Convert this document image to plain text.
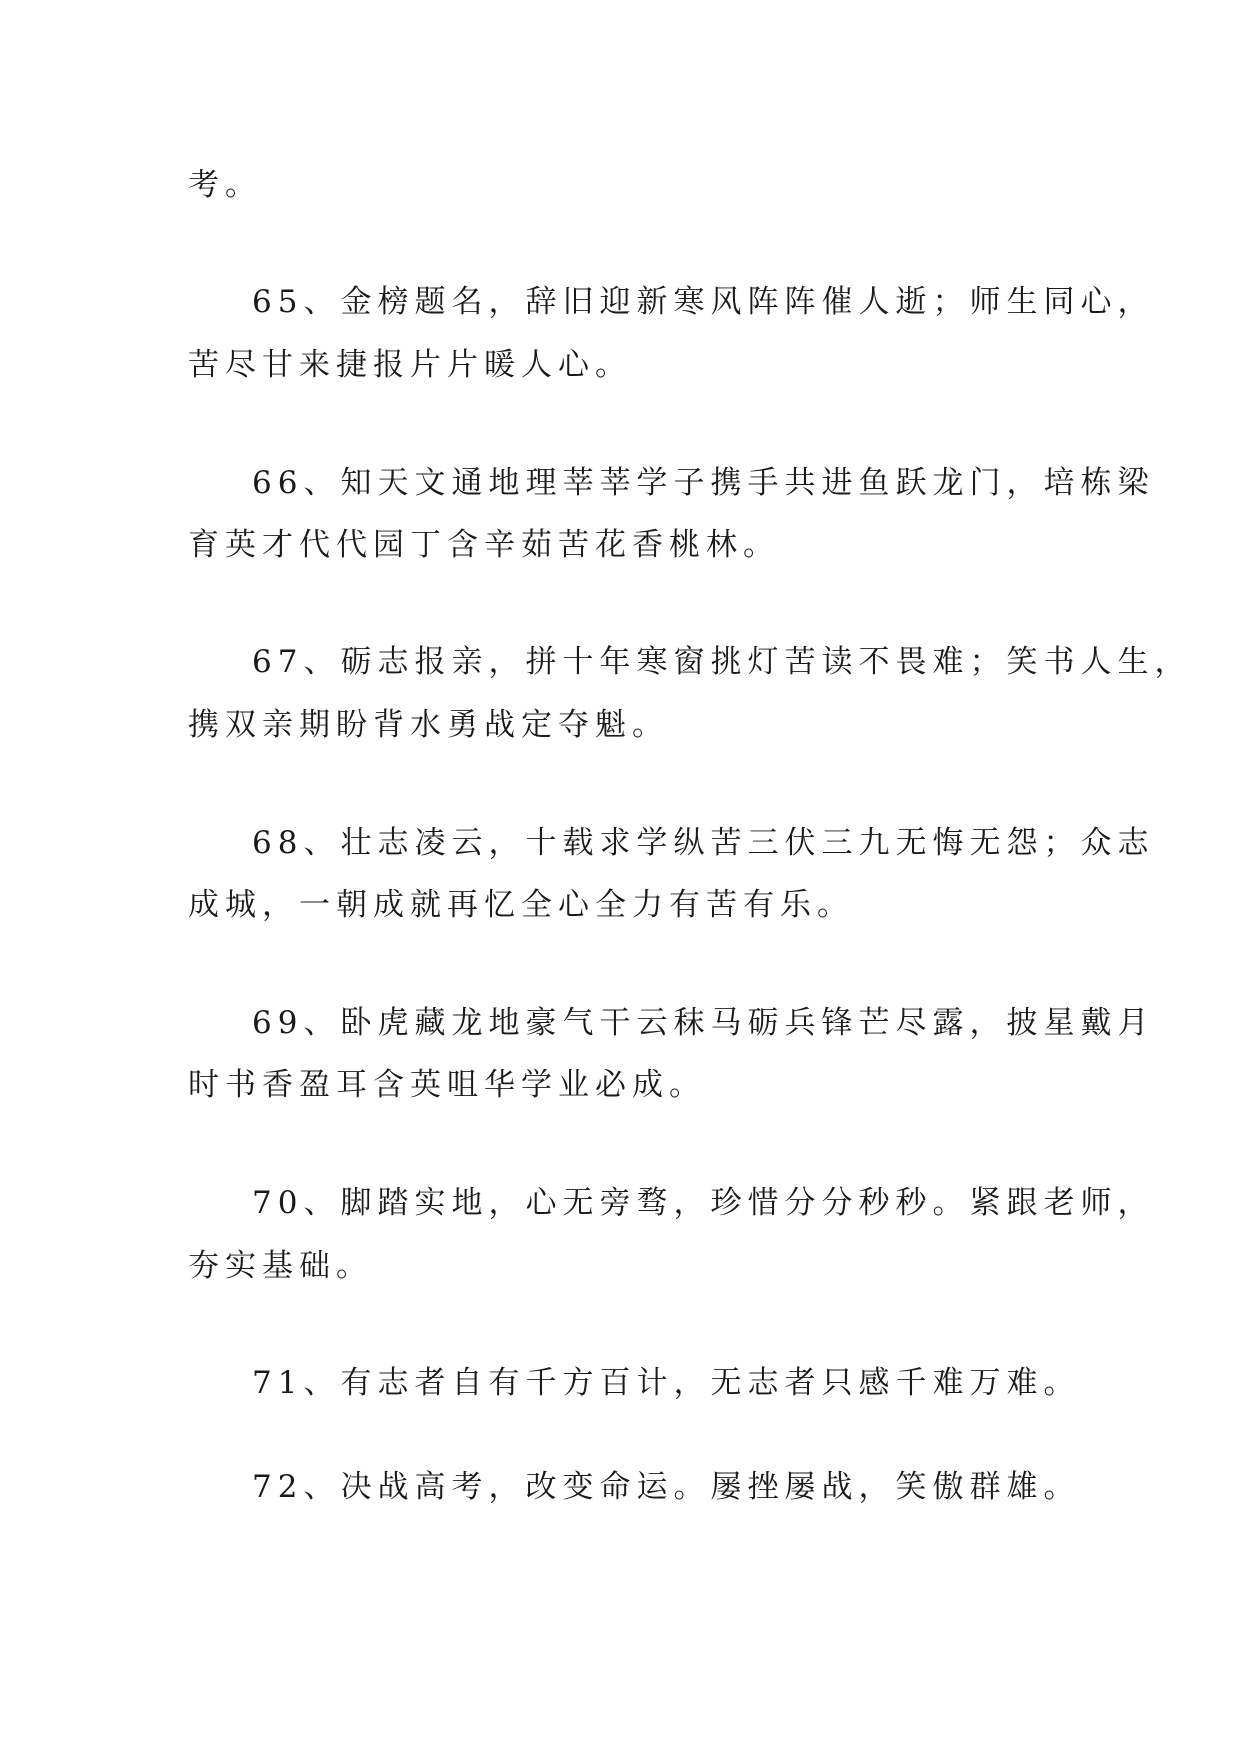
考。
65、金榜题名，辞旧迎新寒风阵阵催人逝；师生同心，
苦尽甘来捷报片片暖人心。
66、知天文通地理莘莘学子携手共进鱼跃龙门，培栋梁
育英才代代园丁含辛茹苦花香桃林。
67、砺志报亲，拼十年寒窗挑灯苦读不畏难；笑书人生，
携双亲期盼背水勇战定夺魁。
68、壮志凌云，十载求学纵苦三伏三九无悔无怨；众志
成城，一朝成就再忆全心全力有苦有乐。
69、卧虎藏龙地豪气干云秣马砺兵锋芒尽露，披星戴月
时书香盈耳含英咀华学业必成。
70、脚踏实地，心无旁骛，珍惜分分秒秒。紧跟老师，
夯实基础。
71、有志者自有千方百计，无志者只感千难万难。
72、决战高考，改变命运。屡挫屡战，笑傲群雄。
